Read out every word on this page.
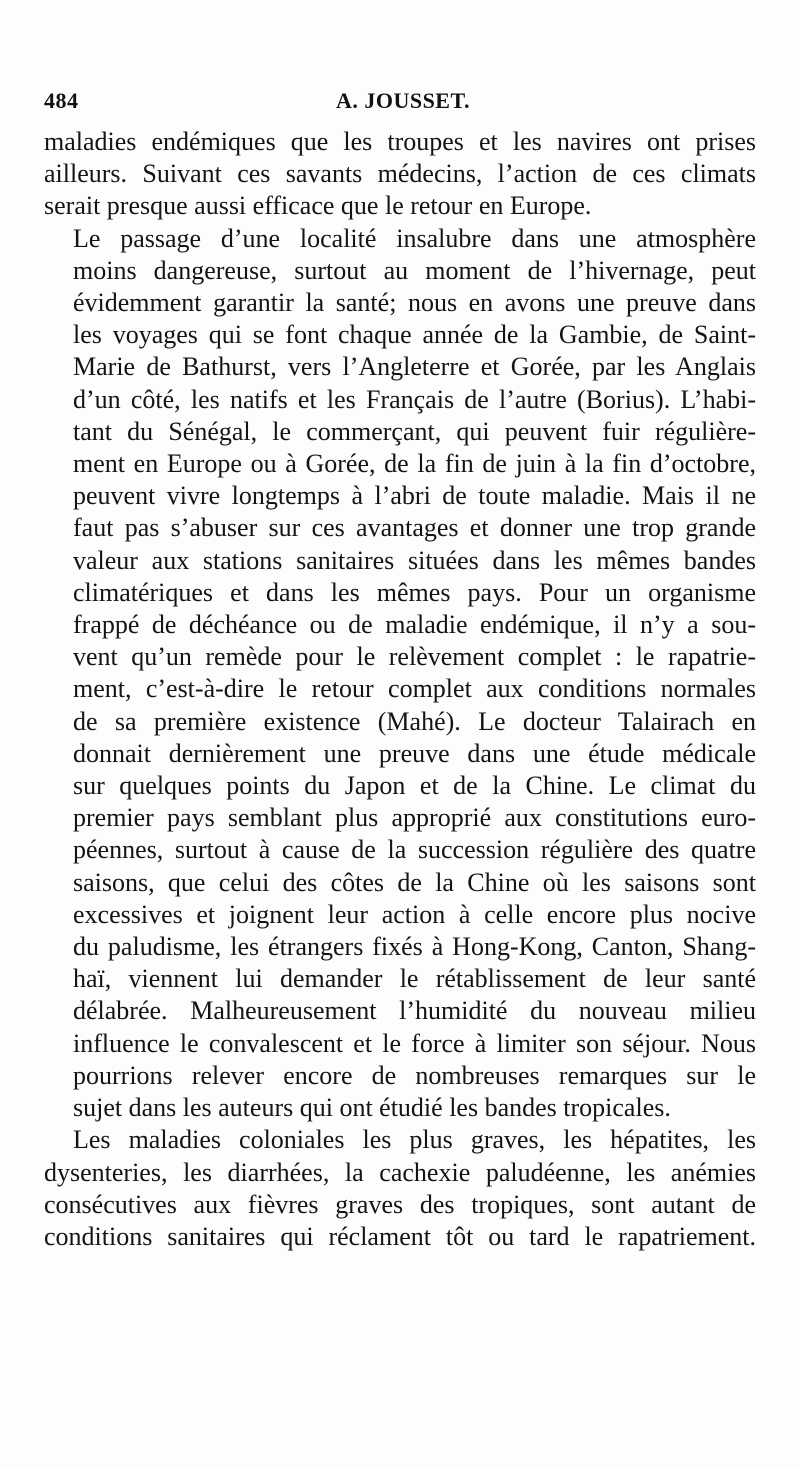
484	A. JOUSSET.

maladies endémiques que les troupes et les navires ont prises
ailleurs. Suivant ces savants médecins, l’action de ces climats
serait presque aussi efficace que le retour en Europe.

Le passage d’une localité insalubre dans une atmosphère
moins dangereuse, surtout au moment de l’hivernage, peut
évidemment garantir la santé; nous en avons une preuve dans
les voyages qui se font chaque année de la Gambie, de Saint-
Marie de Bathurst, vers l’Angleterre et Gorée, par les Anglais
d’un côté, les natifs et les Français de l’autre (Borius). L’habi-
tant du Sénégal, le commerçant, qui peuvent fuir régulière-
ment en Europe ou à Gorée, de la fin de juin à la fin d’octobre,
peuvent vivre longtemps à l’abri de toute maladie. Mais il ne
faut pas s’abuser sur ces avantages et donner une trop grande
valeur aux stations sanitaires situées dans les mêmes bandes
climatériques et dans les mêmes pays. Pour un organisme
frappé de déchéance ou de maladie endémique, il n’y a sou-
vent qu’un remède pour le relèvement complet : le rapatrie-
ment, c’est-à-dire le retour complet aux conditions normales
de sa première existence (Mahé). Le docteur Talairach en
donnait dernièrement une preuve dans une étude médicale
sur quelques points du Japon et de la Chine. Le climat du
premier pays semblant plus approprié aux constitutions euro-
péennes, surtout à cause de la succession régulière des quatre
saisons, que celui des côtes de la Chine où les saisons sont
excessives et joignent leur action à celle encore plus nocive
du paludisme, les étrangers fixés à Hong-Kong, Canton, Shang-
haï, viennent lui demander le rétablissement de leur santé
délabrée. Malheureusement l’humidité du nouveau milieu
influence le convalescent et le force à limiter son séjour. Nous
pourrions relever encore de nombreuses remarques sur le
sujet dans les auteurs qui ont étudié les bandes tropicales.

Les maladies coloniales les plus graves, les hépatites, les
dysenteries, les diarrhées, la cachexie paludéenne, les anémies
consécutives aux fièvres graves des tropiques, sont autant de
conditions sanitaires qui réclament tôt ou tard le rapatriement.
